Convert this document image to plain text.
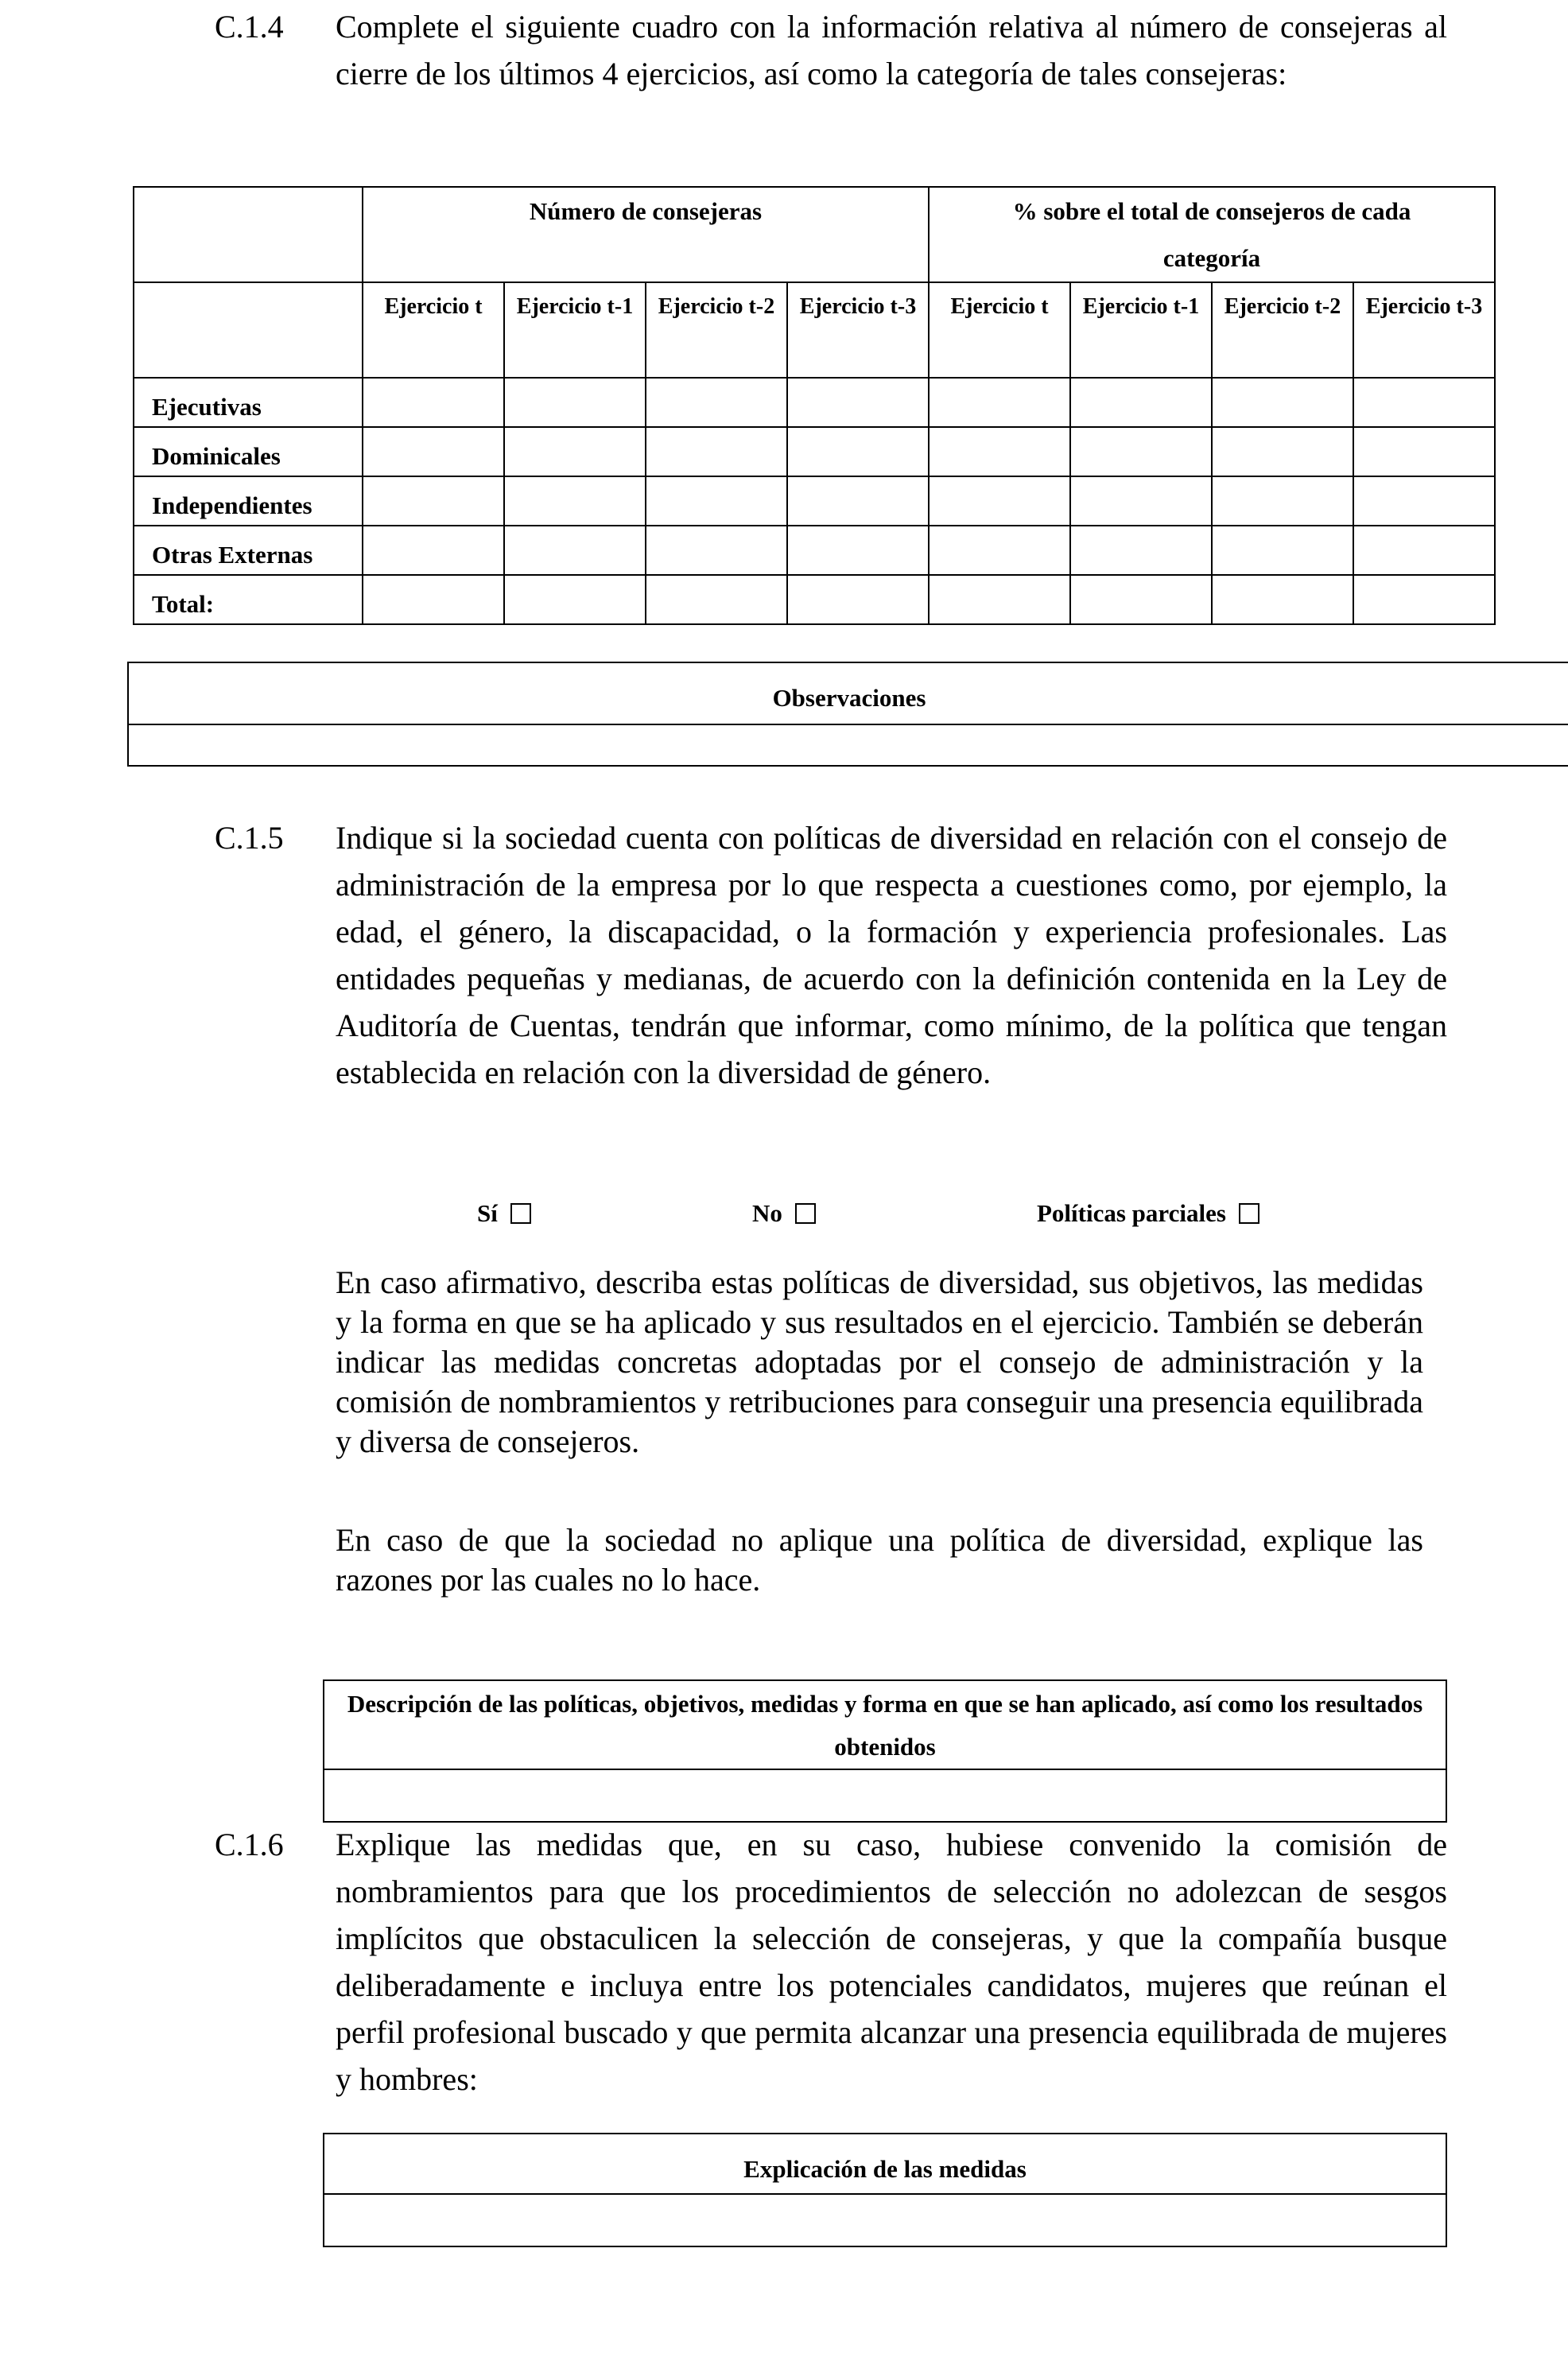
C.1.4	Complete el siguiente cuadro con la información relativa al número de consejeras al cierre de los últimos 4 ejercicios, así como la categoría de tales consejeras:
	Número de consejeras				% sobre el total de consejeros de cada categoría			
	Ejercicio t	Ejercicio t-1	Ejercicio t-2	Ejercicio t-3	Ejercicio t	Ejercicio t-1	Ejercicio t-2	Ejercicio t-3
Ejecutivas								
Dominicales								
Independientes								
Otras Externas								
Total:								
Observaciones
C.1.5	Indique si la sociedad cuenta con políticas de diversidad en relación con el consejo de administración de la empresa por lo que respecta a cuestiones como, por ejemplo, la edad, el género, la discapacidad, o la formación y experiencia profesionales. Las entidades pequeñas y medianas, de acuerdo con la definición contenida en la Ley de Auditoría de Cuentas, tendrán que informar, como mínimo, de la política que tengan establecida en relación con la diversidad de género.
Sí	No	Políticas parciales
En caso afirmativo, describa estas políticas de diversidad, sus objetivos, las medidas y la forma en que se ha aplicado y sus resultados en el ejercicio. También se deberán indicar las medidas concretas adoptadas por el consejo de administración y la comisión de nombramientos y retribuciones para conseguir una presencia equilibrada y diversa de consejeros.
En caso de que la sociedad no aplique una política de diversidad, explique las razones por las cuales no lo hace.
Descripción de las políticas, objetivos, medidas y forma en que se han aplicado, así como los resultados obtenidos
C.1.6	Explique las medidas que, en su caso, hubiese convenido la comisión de nombramientos para que los procedimientos de selección no adolezcan de sesgos implícitos que obstaculicen la selección de consejeras, y que la compañía busque deliberadamente e incluya entre los potenciales candidatos, mujeres que reúnan el perfil profesional buscado y que permita alcanzar una presencia equilibrada de mujeres y hombres:
Explicación de las medidas
